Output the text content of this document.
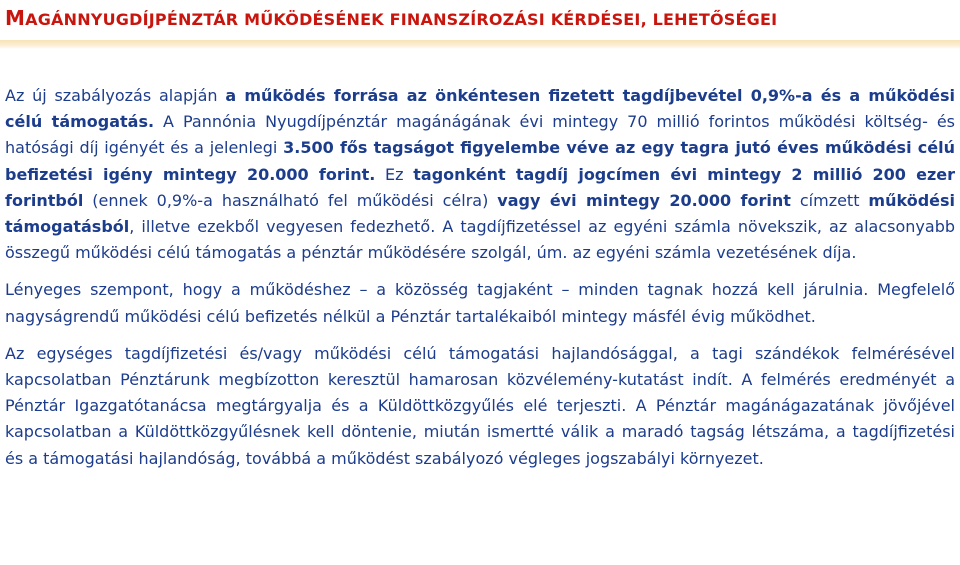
MAGÁNNYUGDÍJPÉNZTÁR MŰKÖDÉSÉNEK FINANSZÍROZÁSI KÉRDÉSEI, LEHETŐSÉGEI

Az új szabályozás alapján a működés forrása az önkéntesen fizetett tagdíjbevétel 0,9%-a és a működési célú támogatás. A Pannónia Nyugdíjpénztár magánágának évi mintegy 70 millió forintos működési költség- és hatósági díj igényét és a jelenlegi 3.500 fős tagságot figyelembe véve az egy tagra jutó éves működési célú befizetési igény mintegy 20.000 forint. Ez tagonként tagdíj jogcímen évi mintegy 2 millió 200 ezer forintból (ennek 0,9%-a használható fel működési célra) vagy évi mintegy 20.000 forint címzett működési támogatásból, illetve ezekből vegyesen fedezhető. A tagdíjfizetéssel az egyéni számla növekszik, az alacsonyabb összegű működési célú támogatás a pénztár működésére szolgál, úm. az egyéni számla vezetésének díja.

Lényeges szempont, hogy a működéshez – a közösség tagjaként – minden tagnak hozzá kell járulnia. Megfelelő nagyságrendű működési célú befizetés nélkül a Pénztár tartalékaiból mintegy másfél évig működhet.

Az egységes tagdíjfizetési és/vagy működési célú támogatási hajlandósággal, a tagi szándékok felmérésével kapcsolatban Pénztárunk megbízotton keresztül hamarosan közvélemény-kutatást indít. A felmérés eredményét a Pénztár Igazgatótanácsa megtárgyalja és a Küldöttközgyűlés elé terjeszti. A Pénztár magánágazatának jövőjével kapcsolatban a Küldöttközgyűlésnek kell döntenie, miután ismertté válik a maradó tagság létszáma, a tagdíjfizetési és a támogatási hajlandóság, továbbá a működést szabályozó végleges jogszabályi környezet.
